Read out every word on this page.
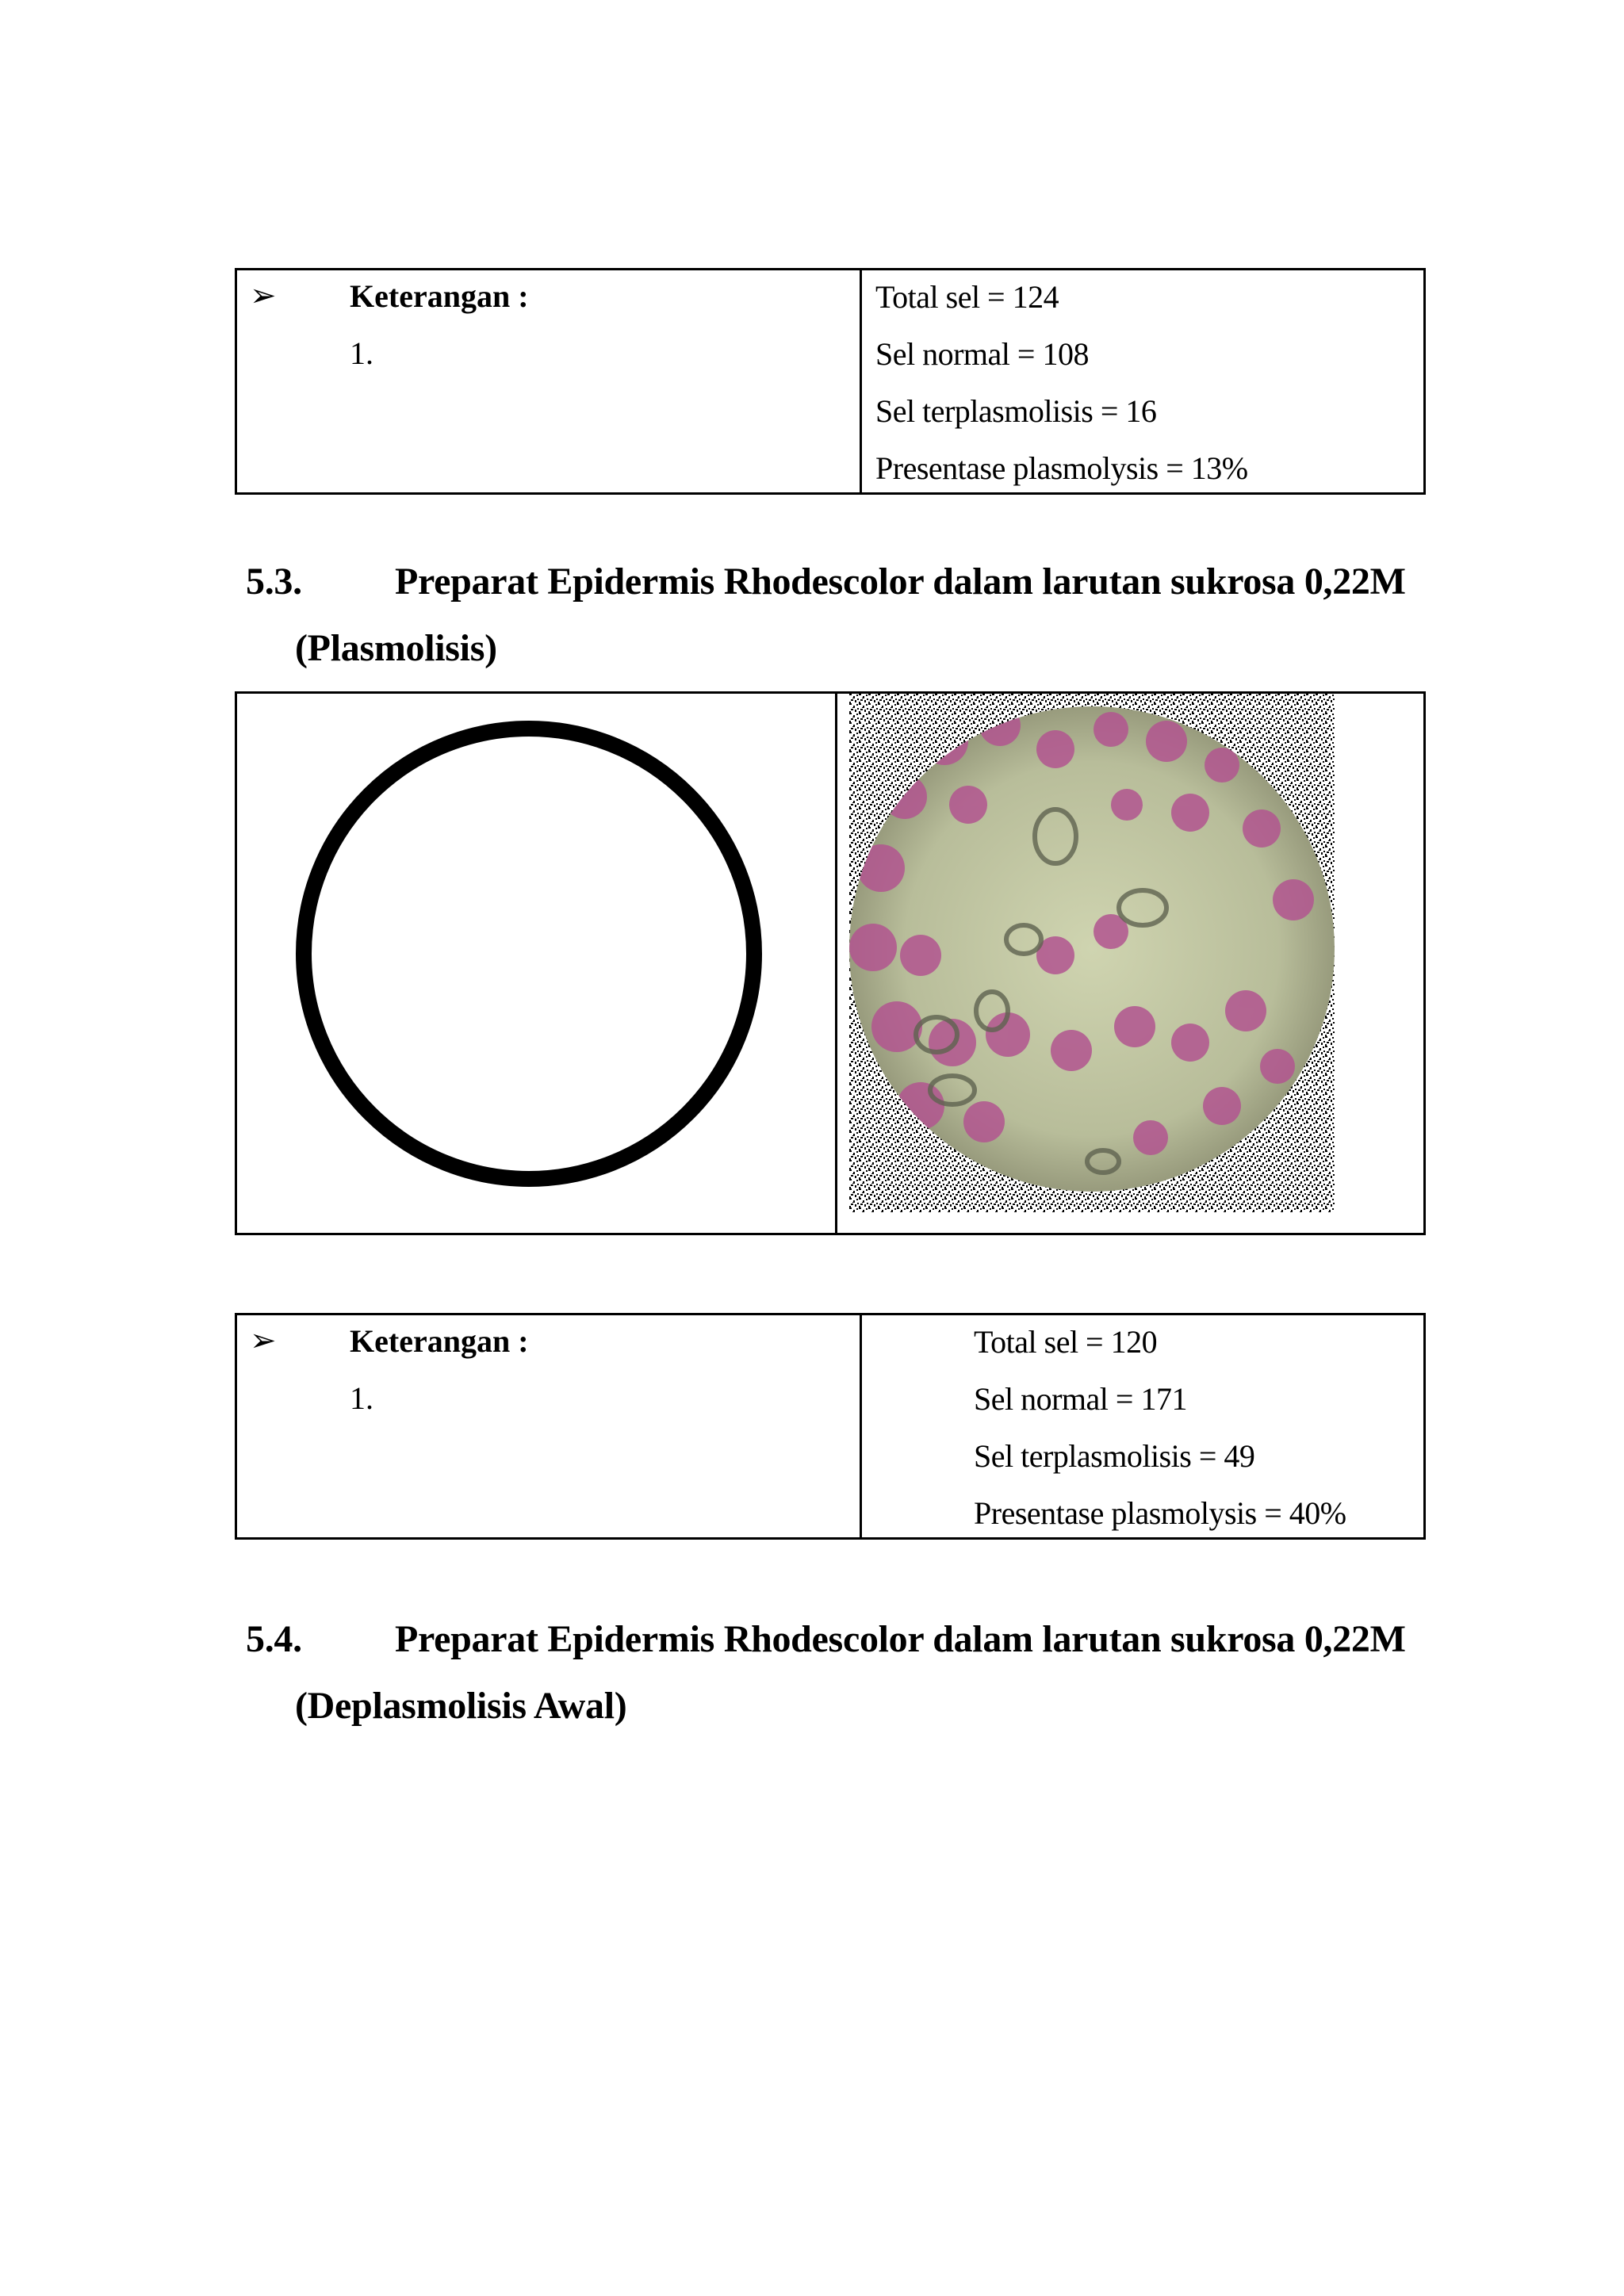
➢ Keterangan :
1.
Total sel = 124
Sel normal = 108
Sel terplasmolisis = 16
Presentase plasmolysis = 13%
5.3. Preparat Epidermis Rhodescolor dalam larutan sukrosa 0,22M
(Plasmolisis)
➢ Keterangan :
1.
Total sel = 120
Sel normal = 171
Sel terplasmolisis = 49
Presentase plasmolysis = 40%
5.4. Preparat Epidermis Rhodescolor dalam larutan sukrosa 0,22M
(Deplasmolisis Awal)
